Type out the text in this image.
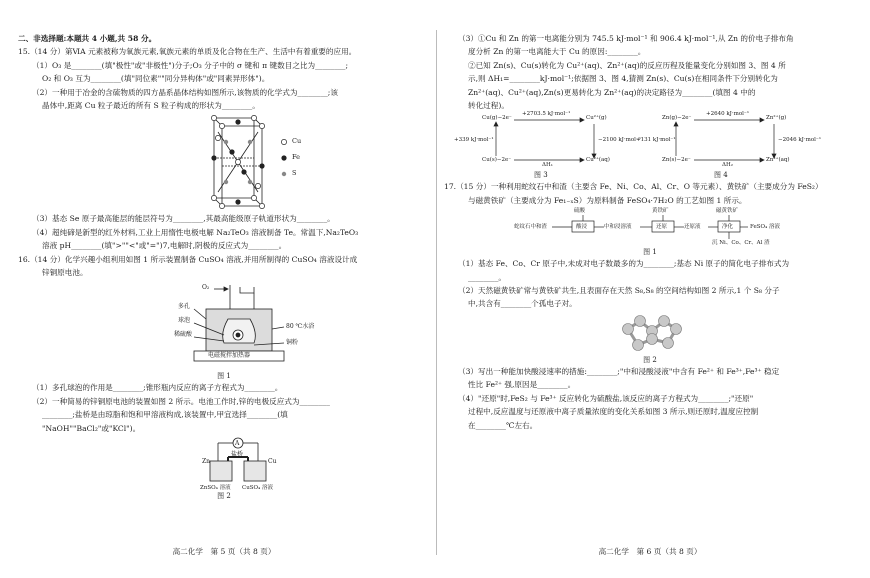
二、非选择题:本题共 4 小题,共 58 分。
15.（14 分）第ⅥA 元素被称为氧族元素,氧族元素的单质及化合物在生产、生活中有着重要的应用。
（1）O₃ 是________(填"极性"或"非极性")分子;O₃ 分子中的 σ 键和 π 键数目之比为________;
O₂ 和 O₃ 互为________(填"同位素""同分异构体"或"同素异形体")。
（2）一种用于冶金的含硫物质的四方晶系晶体结构如图所示,该物质的化学式为________;该
晶体中,距离 Cu 粒子最近的所有 S 粒子构成的形状为________。
Cu
Fe
S
（3）基态 Se 原子最高能层的能层符号为________,其最高能级原子轨道形状为________。
（4）超纯碲是新型的红外材料,工业上用惰性电极电解 Na₂TeO₃ 溶液制备 Te。常温下,Na₂TeO₃
溶液 pH________(填">""<"或"=")7,电解时,阴极的反应式为________。
16.（14 分）化学兴趣小组利用如图 1 所示装置制备 CuSO₄ 溶液,并用所制得的 CuSO₄ 溶液设计成
锌铜原电池。
O₂
多孔
球泡
稀硫酸
80 ℃水浴
铜粉
电磁搅拌加热器
图 1
（1）多孔球泡的作用是________;锥形瓶内反应的离子方程式为________。
（2）一种简易的锌铜原电池的装置如图 2 所示。电池工作时,锌的电极反应式为________
________;盐桥是由琼脂和饱和甲溶液构成,该装置中,甲宜选择________(填
"NaOH""BaCl₂"或"KCl")。
A
盐桥
Zn	Cu
ZnSO₄ 溶液 CuSO₄ 溶液
图 2
高二化学　第 5 页（共 8 页）
（3）①Cu 和 Zn 的第一电离能分别为 745.5 kJ·mol⁻¹ 和 906.4 kJ·mol⁻¹,从 Zn 的价电子排布角
度分析 Zn 的第一电离能大于 Cu 的原因:________。
②已知 Zn(s)、Cu(s)转化为 Cu²⁺(aq)、Zn²⁺(aq)的反应历程及能量变化分别如图 3、图 4 所
示,则 ΔH₁=________kJ·mol⁻¹;依据图 3、图 4,猜测 Zn(s)、Cu(s)在相同条件下分别转化为
Zn²⁺(aq)、Cu²⁺(aq),Zn(s)更易转化为 Zn²⁺(aq)的决定路径为________(填图 4 中的
转化过程)。
Cu(g)−2e⁻
+2703.5 kJ·mol⁻¹
Cu²⁺(g)
+339 kJ·mol⁻¹	−2100 kJ·mol⁻¹
Cu(s)−2e⁻
ΔH₁
Cu²⁺(aq)
Zn(g)−2e⁻
+2640 kJ·mol⁻¹
Zn²⁺(g)
+131 kJ·mol⁻¹	−2046 kJ·mol⁻¹
Zn(s)−2e⁻
ΔH₂
Zn²⁺(aq)
图 3	图 4
17.（15 分）一种利用蛇纹石中和渣（主要含 Fe、Ni、Co、Al、Cr、O 等元素）、黄铁矿（主要成分为 FeS₂）
与磁黄铁矿（主要成分为 Fe₁₋ₓS）为原料制备 FeSO₄·7H₂O 的工艺如图 1 所示。
硫酸	黄铁矿	磁黄铁矿
蛇纹石中和渣	酸浸	中和浸溶液	还原	还原液	净化	FeSO₄ 溶液
沉 Ni、Co、Cr、Al 渣
图 1
（1）基态 Fe、Co、Cr 原子中,未成对电子数最多的为________;基态 Ni 原子的简化电子排布式为
________。
（2）天然磁黄铁矿常与黄铁矿共生,且表面存在天然 S₈,S₈ 的空间结构如图 2 所示,1 个 S₈ 分子
中,共含有________个孤电子对。
图 2
（3）写出一种能加快酸浸速率的措施:________;"中和浸酸浸液"中含有 Fe²⁺ 和 Fe³⁺,Fe³⁺ 稳定
性比 Fe²⁺ 强,原因是________。
（4）"还原"时,FeS₂ 与 Fe³⁺ 反应转化为硫酸盐,该反应的离子方程式为________;"还原"
过程中,反应温度与还原液中离子质量浓度的变化关系如图 3 所示,则还原时,温度应控制
在________℃左右。
高二化学　第 6 页（共 8 页）
